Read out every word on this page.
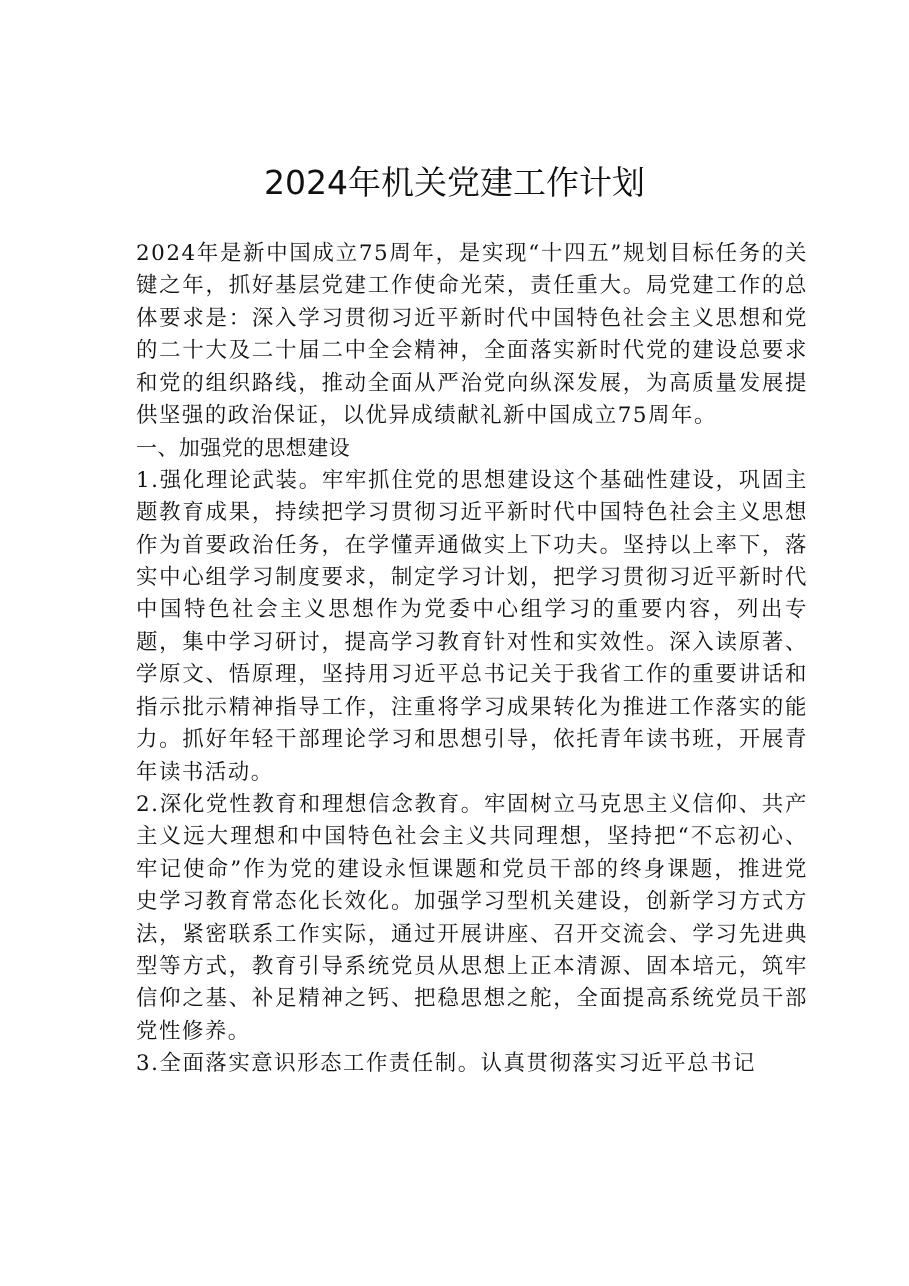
2024年机关党建工作计划

2024年是新中国成立75周年，是实现“十四五”规划目标任务的关键之年，抓好基层党建工作使命光荣，责任重大。局党建工作的总体要求是：深入学习贯彻习近平新时代中国特色社会主义思想和党的二十大及二十届二中全会精神，全面落实新时代党的建设总要求和党的组织路线，推动全面从严治党向纵深发展，为高质量发展提供坚强的政治保证，以优异成绩献礼新中国成立75周年。

一、加强党的思想建设

1.强化理论武装。牢牢抓住党的思想建设这个基础性建设，巩固主题教育成果，持续把学习贯彻习近平新时代中国特色社会主义思想作为首要政治任务，在学懂弄通做实上下功夫。坚持以上率下，落实中心组学习制度要求，制定学习计划，把学习贯彻习近平新时代中国特色社会主义思想作为党委中心组学习的重要内容，列出专题，集中学习研讨，提高学习教育针对性和实效性。深入读原著、学原文、悟原理，坚持用习近平总书记关于我省工作的重要讲话和指示批示精神指导工作，注重将学习成果转化为推进工作落实的能力。抓好年轻干部理论学习和思想引导，依托青年读书班，开展青年读书活动。

2.深化党性教育和理想信念教育。牢固树立马克思主义信仰、共产主义远大理想和中国特色社会主义共同理想，坚持把“不忘初心、牢记使命”作为党的建设永恒课题和党员干部的终身课题，推进党史学习教育常态化长效化。加强学习型机关建设，创新学习方式方法，紧密联系工作实际，通过开展讲座、召开交流会、学习先进典型等方式，教育引导系统党员从思想上正本清源、固本培元，筑牢信仰之基、补足精神之钙、把稳思想之舵，全面提高系统党员干部党性修养。

3.全面落实意识形态工作责任制。认真贯彻落实习近平总书记
